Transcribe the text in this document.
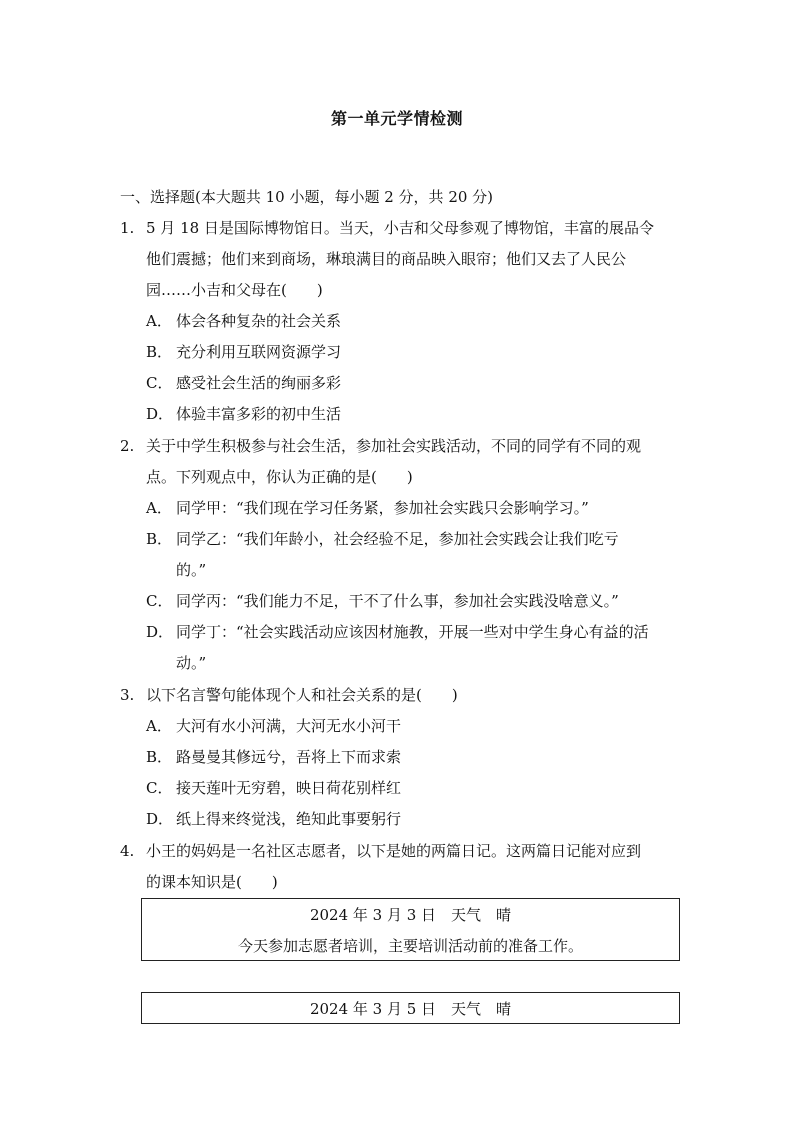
第一单元学情检测
一、选择题(本大题共 10 小题，每小题 2 分，共 20 分)
1. 5 月 18 日是国际博物馆日。当天，小吉和父母参观了博物馆，丰富的展品令
他们震撼；他们来到商场，琳琅满目的商品映入眼帘；他们又去了人民公
园……小吉和父母在(　　)
A． 体会各种复杂的社会关系
B． 充分利用互联网资源学习
C． 感受社会生活的绚丽多彩
D． 体验丰富多彩的初中生活
2. 关于中学生积极参与社会生活，参加社会实践活动，不同的同学有不同的观
点。下列观点中，你认为正确的是(　　)
A． 同学甲：“我们现在学习任务紧，参加社会实践只会影响学习。”
B． 同学乙：“我们年龄小，社会经验不足，参加社会实践会让我们吃亏
的。”
C． 同学丙：“我们能力不足，干不了什么事，参加社会实践没啥意义。”
D． 同学丁：“社会实践活动应该因材施教，开展一些对中学生身心有益的活
动。”
3. 以下名言警句能体现个人和社会关系的是(　　)
A． 大河有水小河满，大河无水小河干
B． 路曼曼其修远兮，吾将上下而求索
C． 接天莲叶无穷碧，映日荷花别样红
D． 纸上得来终觉浅，绝知此事要躬行
4. 小王的妈妈是一名社区志愿者，以下是她的两篇日记。这两篇日记能对应到
的课本知识是(　　)
2024 年 3 月 3 日　天气　晴
今天参加志愿者培训，主要培训活动前的准备工作。
2024 年 3 月 5 日　天气　晴
